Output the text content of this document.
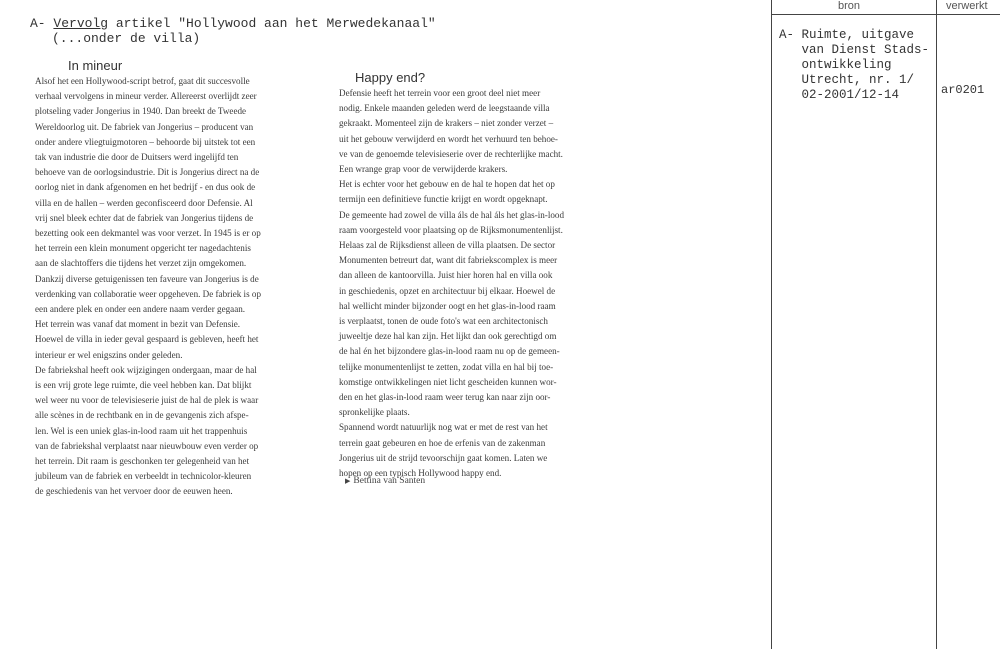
A- Vervolg artikel "Hollywood aan het Merwedekanaal"
(...onder de villa)
In mineur
Alsof het een Hollywood-script betrof, gaat dit succesvolle
verhaal vervolgens in mineur verder. Allereerst overlijdt zeer
plotseling vader Jongerius in 1940. Dan breekt de Tweede
Wereldoorlog uit. De fabriek van Jongerius – producent van
onder andere vliegtuigmotoren – behoorde bij uitstek tot een
tak van industrie die door de Duitsers werd ingelijfd ten
behoeve van de oorlogsindustrie. Dit is Jongerius direct na de
oorlog niet in dank afgenomen en het bedrijf - en dus ook de
villa en de hallen – werden geconfisceerd door Defensie. Al
vrij snel bleek echter dat de fabriek van Jongerius tijdens de
bezetting ook een dekmantel was voor verzet. In 1945 is er op
het terrein een klein monument opgericht ter nagedachtenis
aan de slachtoffers die tijdens het verzet zijn omgekomen.
Dankzij diverse getuigenissen ten faveure van Jongerius is de
verdenking van collaboratie weer opgeheven. De fabriek is op
een andere plek en onder een andere naam verder gegaan.
Het terrein was vanaf dat moment in bezit van Defensie.
Hoewel de villa in ieder geval gespaard is gebleven, heeft het
interieur er wel enigszins onder geleden.
De fabriekshal heeft ook wijzigingen ondergaan, maar de hal
is een vrij grote lege ruimte, die veel hebben kan. Dat blijkt
wel weer nu voor de televisieserie juist de hal de plek is waar
alle scènes in de rechtbank en in de gevangenis zich afspe-
len. Wel is een uniek glas-in-lood raam uit het trappenhuis
van de fabriekshal verplaatst naar nieuwbouw even verder op
het terrein. Dit raam is geschonken ter gelegenheid van het
jubileum van de fabriek en verbeeldt in technicolor-kleuren
de geschiedenis van het vervoer door de eeuwen heen.
Happy end?
Defensie heeft het terrein voor een groot deel niet meer
nodig. Enkele maanden geleden werd de leegstaande villa
gekraakt. Momenteel zijn de krakers – niet zonder verzet –
uit het gebouw verwijderd en wordt het verhuurd ten behoe-
ve van de genoemde televisieserie over de rechterlijke macht.
Een wrange grap voor de verwijderde krakers.
Het is echter voor het gebouw en de hal te hopen dat het op
termijn een definitieve functie krijgt en wordt opgeknapt.
De gemeente had zowel de villa áls de hal áls het glas-in-lood
raam voorgesteld voor plaatsing op de Rijksmonumentenlijst.
Helaas zal de Rijksdienst alleen de villa plaatsen. De sector
Monumenten betreurt dat, want dit fabriekscomplex is meer
dan alleen de kantoorvilla. Juist hier horen hal en villa ook
in geschiedenis, opzet en architectuur bij elkaar. Hoewel de
hal wellicht minder bijzonder oogt en het glas-in-lood raam
is verplaatst, tonen de oude foto's wat een architectonisch
juweeltje deze hal kan zijn. Het lijkt dan ook gerechtigd om
de hal én het bijzondere glas-in-lood raam nu op de gemeen-
telijke monumentenlijst te zetten, zodat villa en hal bij toe-
komstige ontwikkelingen niet licht gescheiden kunnen wor-
den en het glas-in-lood raam weer terug kan naar zijn oor-
spronkelijke plaats.
Spannend wordt natuurlijk nog wat er met de rest van het
terrein gaat gebeuren en hoe de erfenis van de zakenman
Jongerius uit de strijd tevoorschijn gaat komen. Laten we
hopen op een typisch Hollywood happy end.
▶ Bettina van Santen
bron	verwerkt
A- Ruimte, uitgave
van Dienst Stads-
ontwikkeling
Utrecht, nr. 1/
02-2001/12-14	ar0201
